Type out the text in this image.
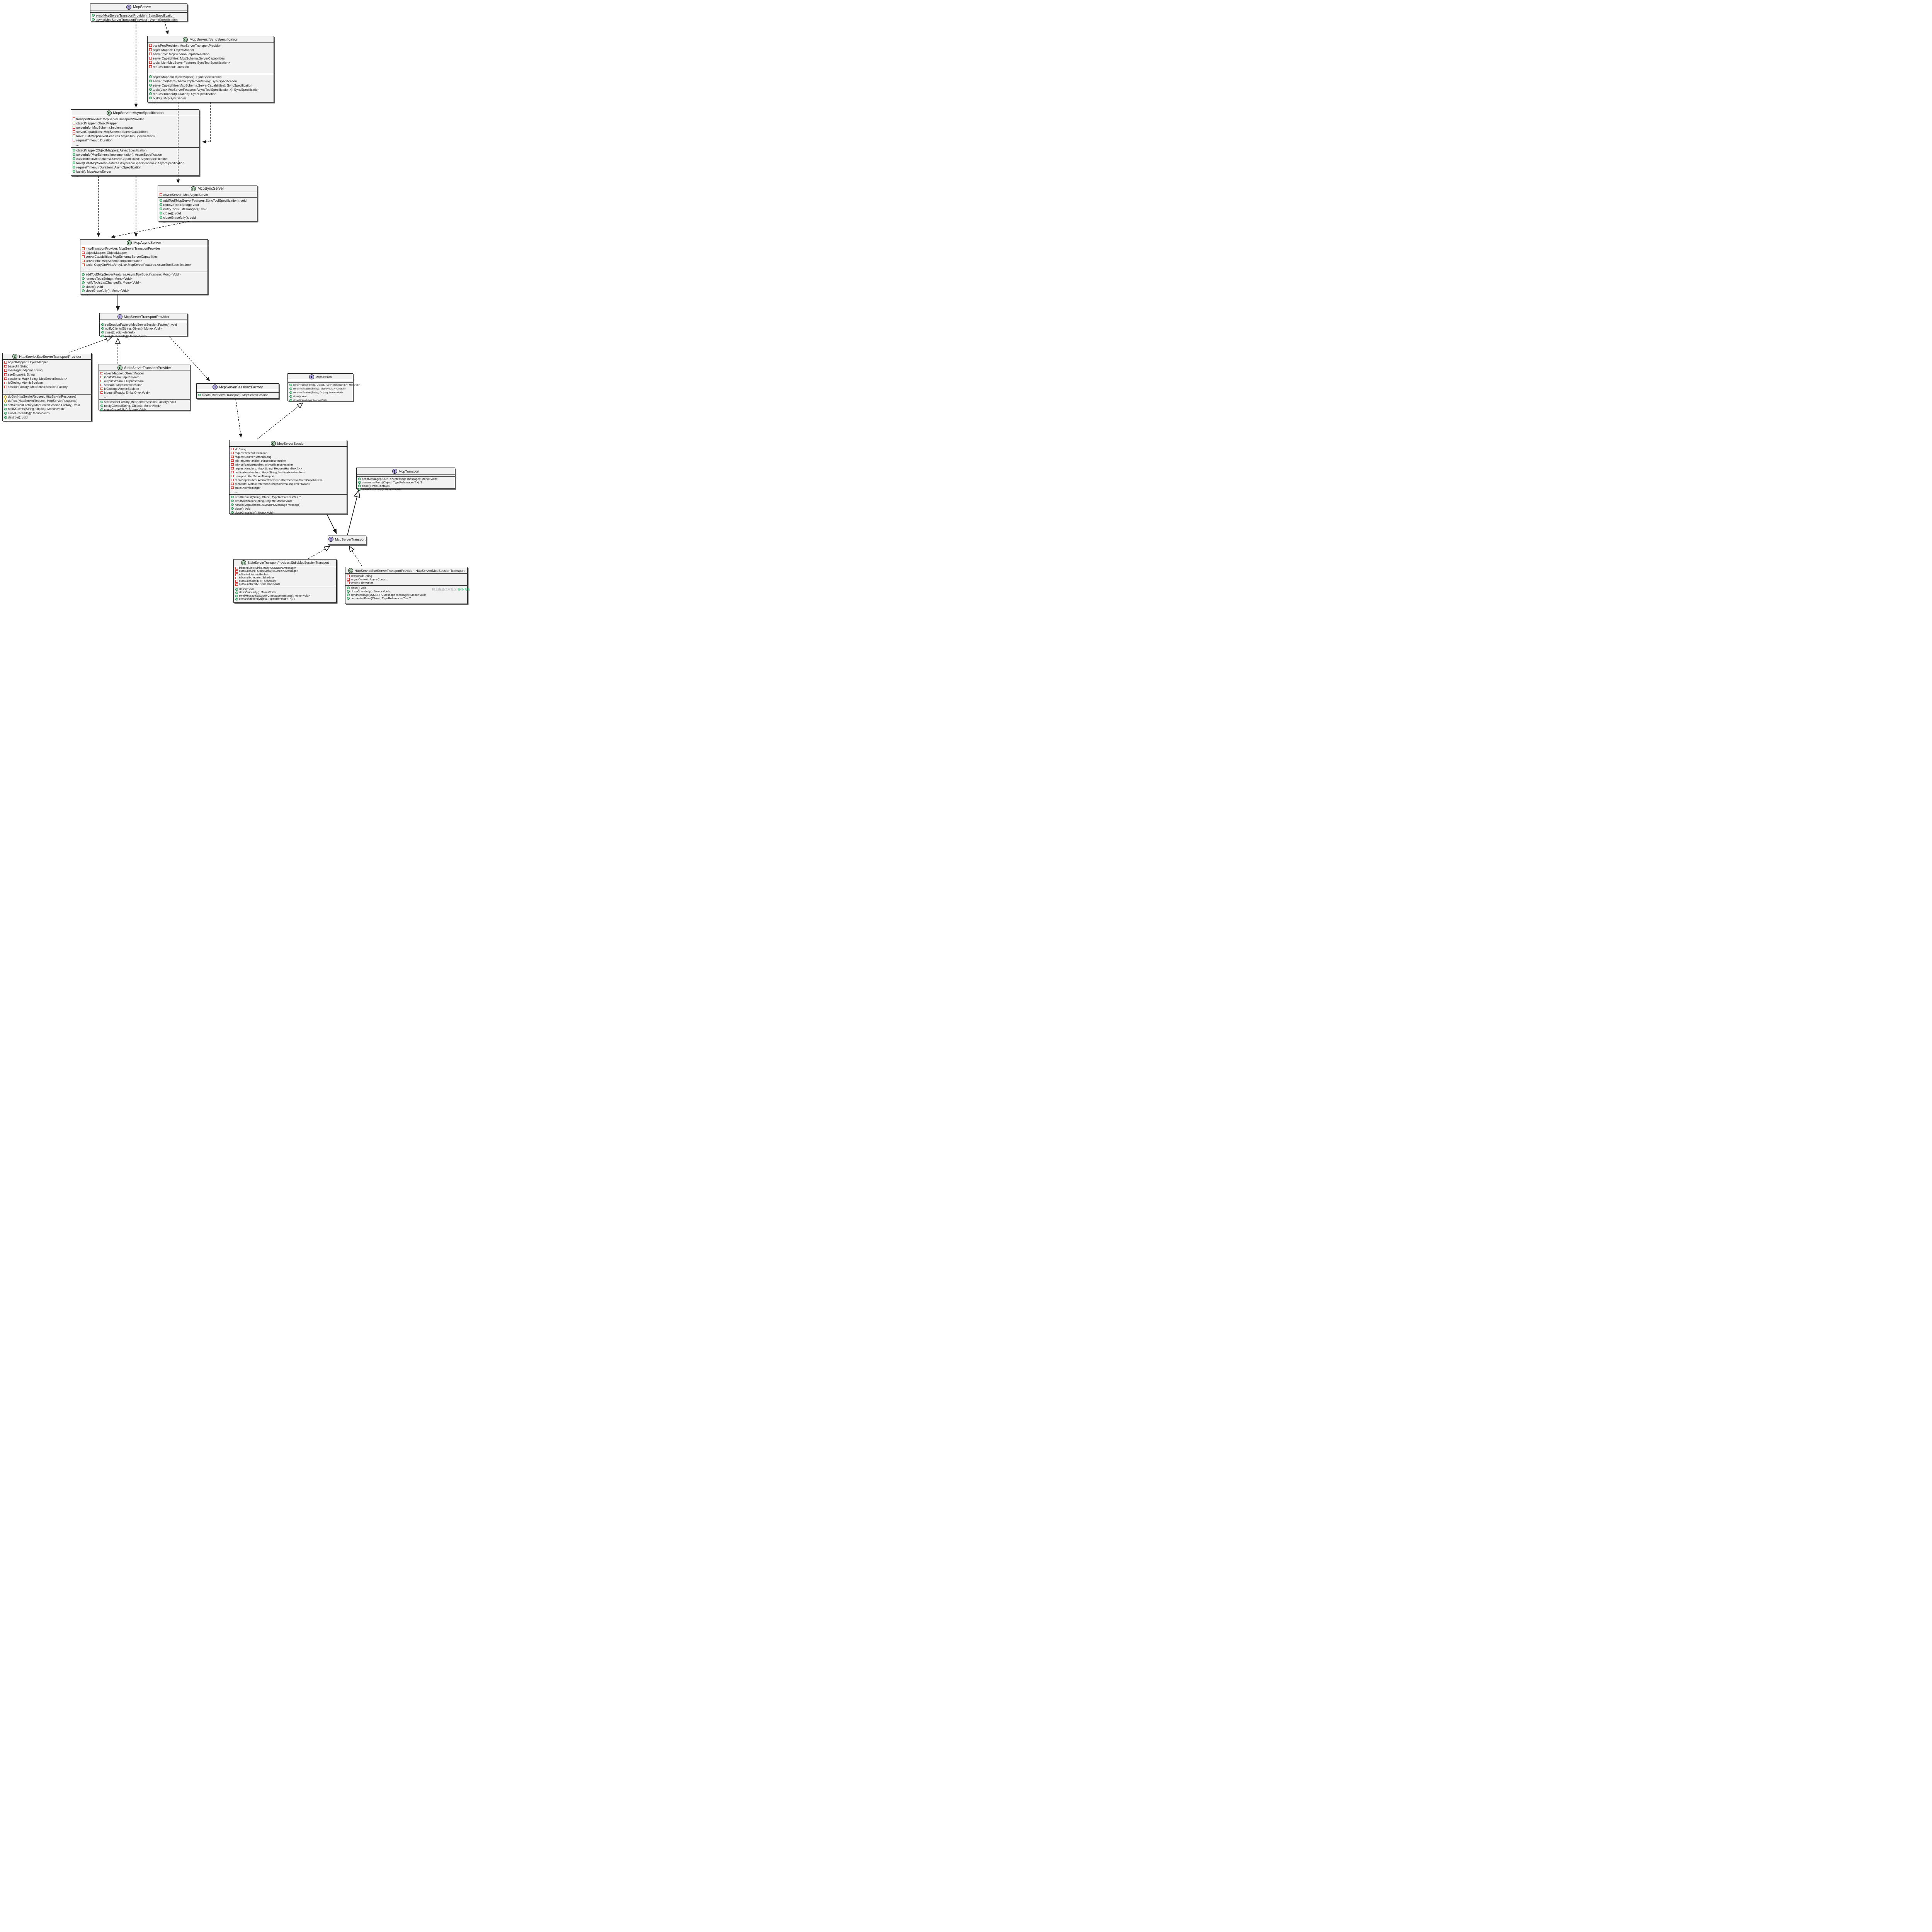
稀土掘金技术社区 @小飞鱼
I McpServer
sync(McpServerTransportProvider): SyncSpecification
async(McpServerTransportProvider): AsyncSpecification
C McpServer::SyncSpecification
transPortProvider: McpServerTransportProvider
objectMapper: ObjectMapper
serverInfo: McpSchema.Implementation
serverCapabilities: McpSchema.ServerCapabilities
tools: List<McpServerFeatures.SyncToolSpecification>
requestTimeout: Duration
...
objectMapper(ObjectMapper): SyncSpecification
serverInfo(McpSchema.Implementation): SyncSpecification
serverCapabilities(McpSchema.ServerCapabilities): SyncSpecification
tools(List<McpServerFeatures.AsyncToolSpecification>): SyncSpecification
requestTimeout(Duration): SyncSpecification
build(): McpSyncServer
...
C McpServer::AsyncSpecification
transportProvider: McpServerTransportProvider
objectMapper: ObjectMapper
serverInfo: McpSchema.Implementation
serverCapabilities: McpSchema.ServerCapabilities
tools: List<McpServerFeatures.AsyncToolSpecification>
requestTimeout: Duration
...
objectMapper(ObjectMapper): AsyncSpecification
serverInfo(McpSchema.Implementation): AsyncSpecification
capabilities(McpSchema.ServerCapabilities): AsyncSpecification
tools(List<McpServerFeatures.AsyncToolSpecification>): AsyncSpecification
requestTimeout(Duration): AsyncSpecification
build(): McpAsyncServer
...
C McpSyncServer
asyncServer: McpAsyncServer
addTool(McpServerFeatures.SyncToolSpecification): void
removeTool(String): void
notifyToolsListChanged(): void
close(): void
closeGracefully(): void
...
C McpAsyncServer
mcpTransportProvider: McpServerTransportProvider
objectMapper: ObjectMapper
serverCapabilities: McpSchema.ServerCapabilities
serverInfo: McpSchema.Implementation
tools: CopyOnWriteArrayList<McpServerFeatures.AsyncToolSpecification>
...
addTool(McpServerFeatures.AsyncToolSpecification): Mono<Void>
removeTool(String): Mono<Void>
notifyToolsListChanged(): Mono<Void>
close(): void
closeGracefully(): Mono<Void>
...
I McpServerTransportProvider
setSessionFactory(McpServerSession.Factory): void
notifyClients(String, Object): Mono<Void>
close(): void «default»
closeGracefully(): Mono<Void>
C HttpServletSseServerTransportProvider
objectMapper: ObjectMapper
baseUrl: String
messageEndpoint: String
sseEndpoint: String
sessions: Map<String, McpServerSession>
isClosing: AtomicBoolean
sessionFactory: McpServerSession.Factory
...
doGet(HttpServletRequest, HttpServletResponse)
doPost(HttpServletRequest, HttpServletResponse)
setSessionFactory(McpServerSession.Factory): void
notifyClients(String, Object): Mono<Void>
closeGracefully(): Mono<Void>
destroy(): void
...
C StdioServerTransportProvider
objectMapper: ObjectMapper
inputStream: InputStream
outputStream: OutputStream
session: McpServerSession
isClosing: AtomicBoolean
inboundReady: Sinks.One<Void>
...
setSessionFactory(McpServerSession.Factory): void
notifyClients(String, Object): Mono<Void>
closeGracefully(): Mono<Void>
I McpServerSession::Factory
create(McpServerTransport): McpServerSession
I	McpSession
sendRequest(String, Object, TypeReference<T>): Mono<T>
sendNotification(String): Mono<Void> «default»
sendNotification(String, Object): Mono<Void>
close(): void
closeGracefully(): Mono<Void>
C McpServerSession
id: String
requestTimeout: Duration
requestCounter: AtomicLong
initRequestHandler: InitRequestHandler
initNotificationHandler: InitNotificationHandler
requestHandlers: Map<String, RequestHandler<?>>
notificationHandlers: Map<String, NotificationHandler>
transport: McpServerTransport
clientCapabilities: AtomicReference<McpSchema.ClientCapabilities>
clientInfo: AtomicReference<McpSchema.Implementation>
state: AtomicInteger
...
sendRequest(String, Object, TypeReference<T>): T
sendNotification(String, Object): Mono<Void>
handle(McpSchema.JSONRPCMessage message)
close(): void
closeGracefully(): Mono<Void>
I McpTransport
sendMessage(JSONRPCMessage message): Mono<Void>
unmarshalFrom(Object, TypeReference<T>): T
close(): void «default»
closeGracefully(): Mono<Void>
I McpServerTransport
C StdioServerTransportProvider::StdioMcpSessionTransport
inboundSink: Sinks.Many<JSONRPCMessage>
outboundSink: Sinks.Many<JSONRPCMessage>
isStarted: AtomicBoolean
inboundScheduler: Scheduler
outboundScheduler: Scheduler
outboundReady: Sinks.One<Void>
close(): void
closeGracefully(): Mono<Void>
sendMessage(JSONRPCMessage message): Mono<Void>
unmarshalFrom(Object, TypeReference<T>): T
C HttpServletSseServerTransportProvider::HttpServletMcpSessionTransport
sessionId: String
asyncContext: AsyncContext
writer: PrintWriter
close(): void
closeGracefully(): Mono<Void>
sendMessage(JSONRPCMessage message): Mono<Void>
unmarshalFrom(Object, TypeReference<T>): T
